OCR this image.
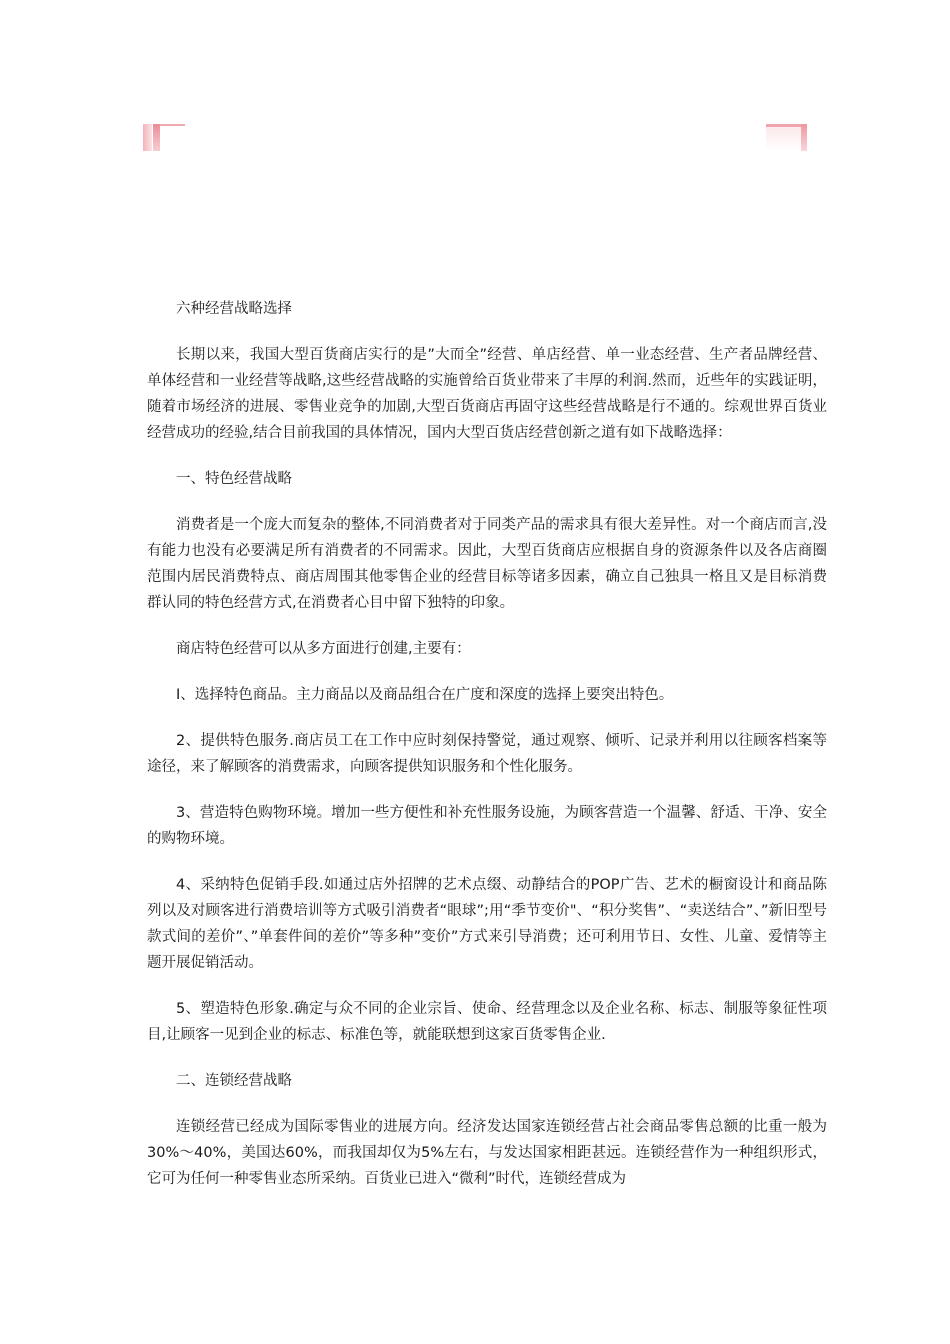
六种经营战略选择

长期以来，我国大型百货商店实行的是”大而全”经营、单店经营、单一业态经营、生产者品牌经营、单体经营和一业经营等战略,这些经营战略的实施曾给百货业带来了丰厚的利润.然而，近些年的实践证明，随着市场经济的进展、零售业竞争的加剧,大型百货商店再固守这些经营战略是行不通的。综观世界百货业经营成功的经验,结合目前我国的具体情况，国内大型百货店经营创新之道有如下战略选择：

一、特色经营战略

消费者是一个庞大而复杂的整体,不同消费者对于同类产品的需求具有很大差异性。对一个商店而言,没有能力也没有必要满足所有消费者的不同需求。因此，大型百货商店应根据自身的资源条件以及各店商圈范围内居民消费特点、商店周围其他零售企业的经营目标等诸多因素，确立自己独具一格且又是目标消费群认同的特色经营方式,在消费者心目中留下独特的印象。

商店特色经营可以从多方面进行创建,主要有：

I、选择特色商品。主力商品以及商品组合在广度和深度的选择上要突出特色。

2、提供特色服务.商店员工在工作中应时刻保持警觉，通过观察、倾听、记录并利用以往顾客档案等途径，来了解顾客的消费需求，向顾客提供知识服务和个性化服务。

3、营造特色购物环境。增加一些方便性和补充性服务设施，为顾客营造一个温馨、舒适、干净、安全的购物环境。

4、采纳特色促销手段.如通过店外招牌的艺术点缀、动静结合的POP广告、艺术的橱窗设计和商品陈列以及对顾客进行消费培训等方式吸引消费者“眼球”;用“季节变价"、“积分奖售”、“卖送结合”、”新旧型号款式间的差价”、”单套件间的差价”等多种”变价”方式来引导消费；还可利用节日、女性、儿童、爱情等主题开展促销活动。

5、塑造特色形象.确定与众不同的企业宗旨、使命、经营理念以及企业名称、标志、制服等象征性项目,让顾客一见到企业的标志、标准色等，就能联想到这家百货零售企业.

二、连锁经营战略

连锁经营已经成为国际零售业的进展方向。经济发达国家连锁经营占社会商品零售总额的比重一般为30%～40%，美国达60%，而我国却仅为5%左右，与发达国家相距甚远。连锁经营作为一种组织形式，它可为任何一种零售业态所采纳。百货业已进入“微利”时代，连锁经营成为
